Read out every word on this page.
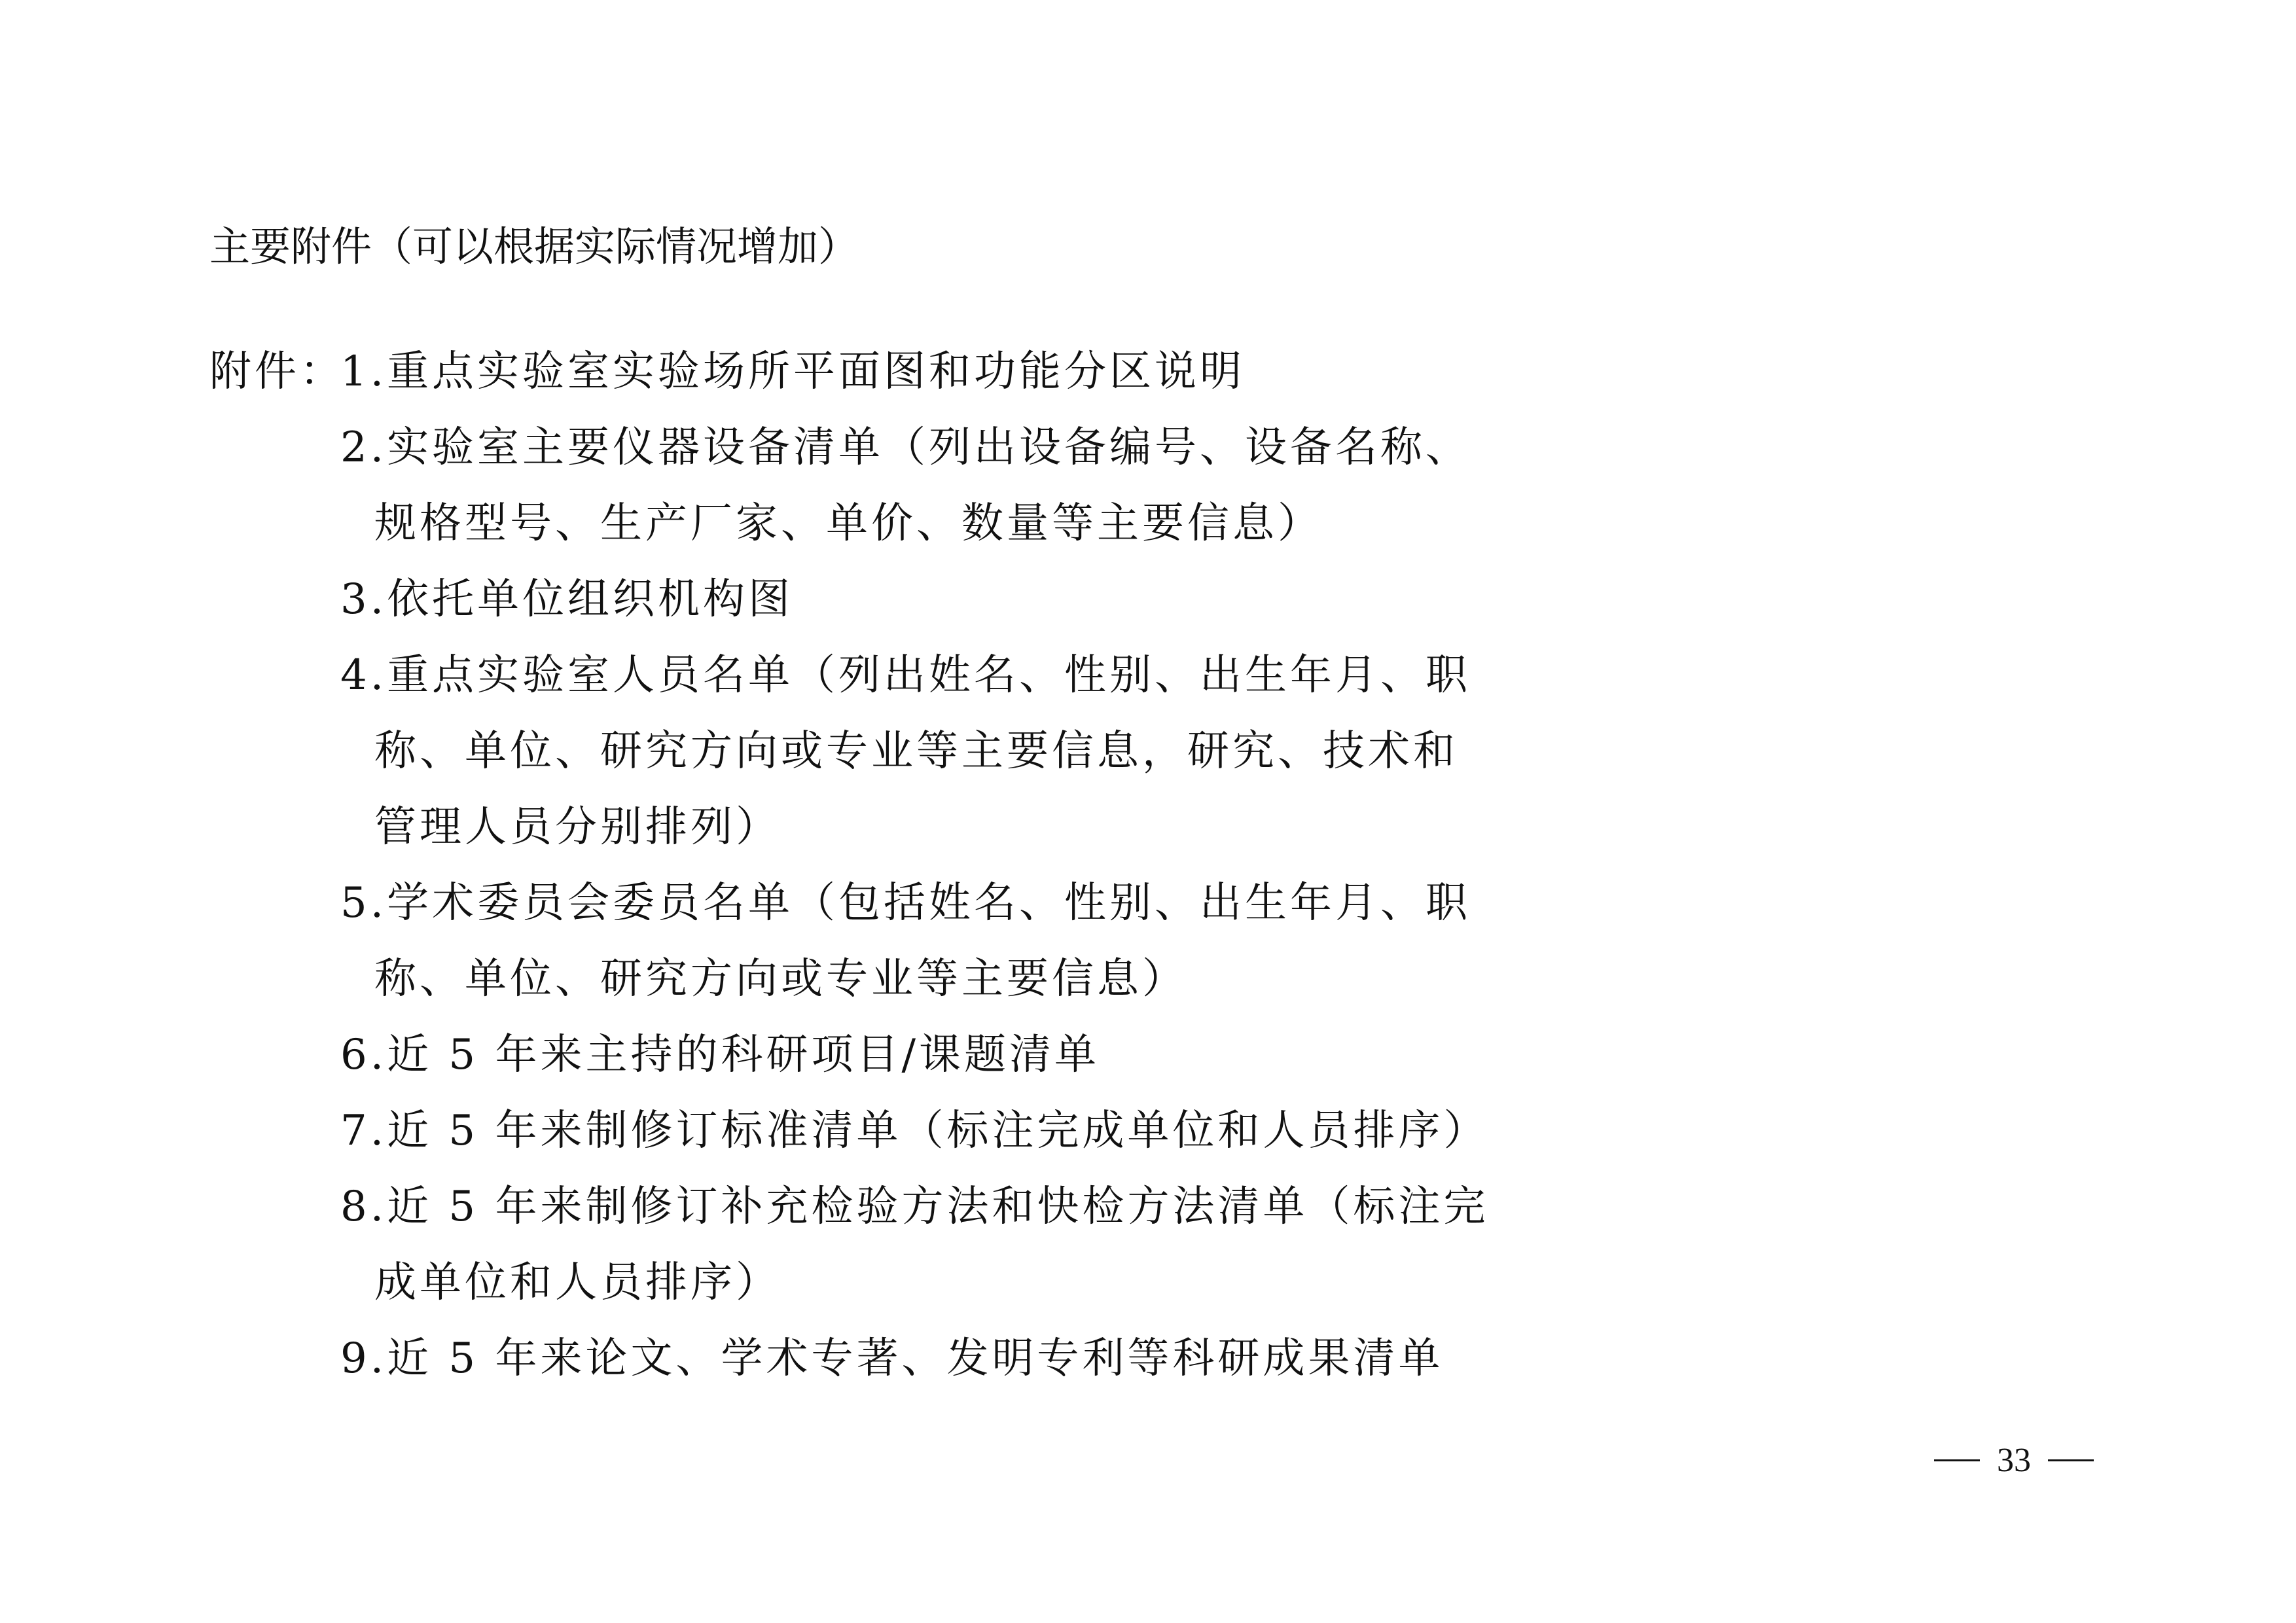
主要附件（可以根据实际情况增加）
附件：
1.重点实验室实验场所平面图和功能分区说明
2.实验室主要仪器设备清单（列出设备编号、设备名称、
规格型号、生产厂家、单价、数量等主要信息）
3.依托单位组织机构图
4.重点实验室人员名单（列出姓名、性别、出生年月、职
称、单位、研究方向或专业等主要信息，研究、技术和
管理人员分别排列）
5.学术委员会委员名单（包括姓名、性别、出生年月、职
称、单位、研究方向或专业等主要信息）
6.近 5 年来主持的科研项目/课题清单
7.近 5 年来制修订标准清单（标注完成单位和人员排序）
8.近 5 年来制修订补充检验方法和快检方法清单（标注完
成单位和人员排序）
9.近 5 年来论文、学术专著、发明专利等科研成果清单
33
